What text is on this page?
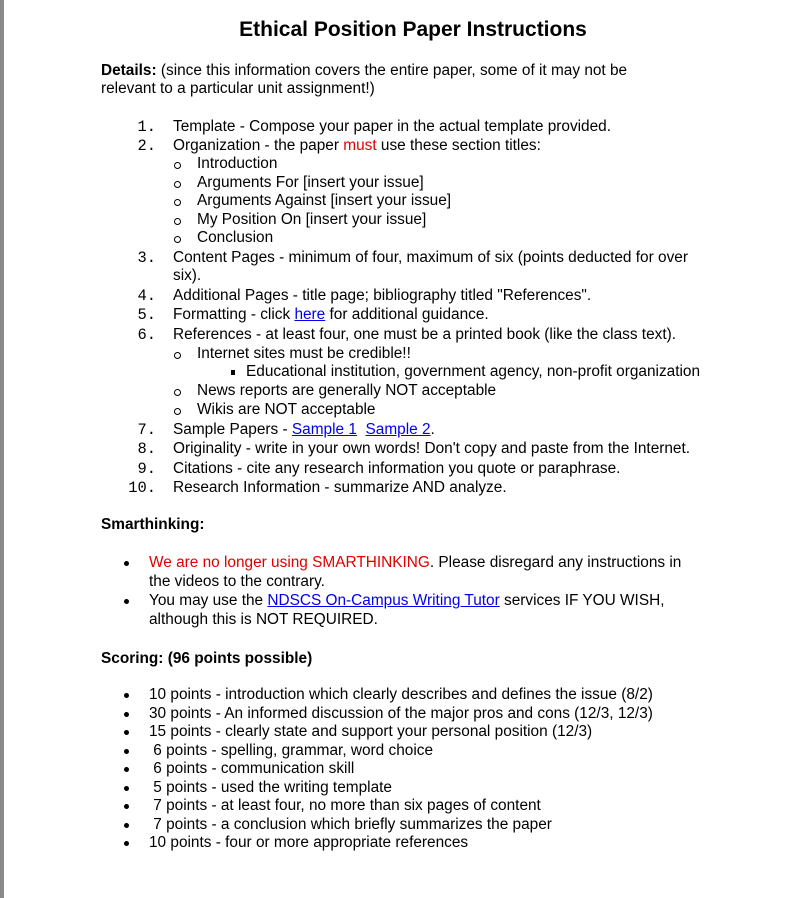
Ethical Position Paper Instructions
Details: (since this information covers the entire paper, some of it may not be
relevant to a particular unit assignment!)
1. Template - Compose your paper in the actual template provided.
2. Organization - the paper must use these section titles:
Introduction
Arguments For [insert your issue]
Arguments Against [insert your issue]
My Position On [insert your issue]
Conclusion
3. Content Pages - minimum of four, maximum of six (points deducted for over
six).
4. Additional Pages - title page; bibliography titled "References".
5. Formatting - click here for additional guidance.
6. References - at least four, one must be a printed book (like the class text).
Internet sites must be credible!!
Educational institution, government agency, non-profit organization
News reports are generally NOT acceptable
Wikis are NOT acceptable
7. Sample Papers - Sample 1 Sample 2.
8. Originality - write in your own words! Don't copy and paste from the Internet.
9. Citations - cite any research information you quote or paraphrase.
10. Research Information - summarize AND analyze.
Smarthinking:
We are no longer using SMARTHINKING. Please disregard any instructions in
the videos to the contrary.
You may use the NDSCS On-Campus Writing Tutor services IF YOU WISH,
although this is NOT REQUIRED.
Scoring: (96 points possible)
10 points - introduction which clearly describes and defines the issue (8/2)
30 points - An informed discussion of the major pros and cons (12/3, 12/3)
15 points - clearly state and support your personal position (12/3)
6 points - spelling, grammar, word choice
6 points - communication skill
5 points - used the writing template
7 points - at least four, no more than six pages of content
7 points - a conclusion which briefly summarizes the paper
10 points - four or more appropriate references
